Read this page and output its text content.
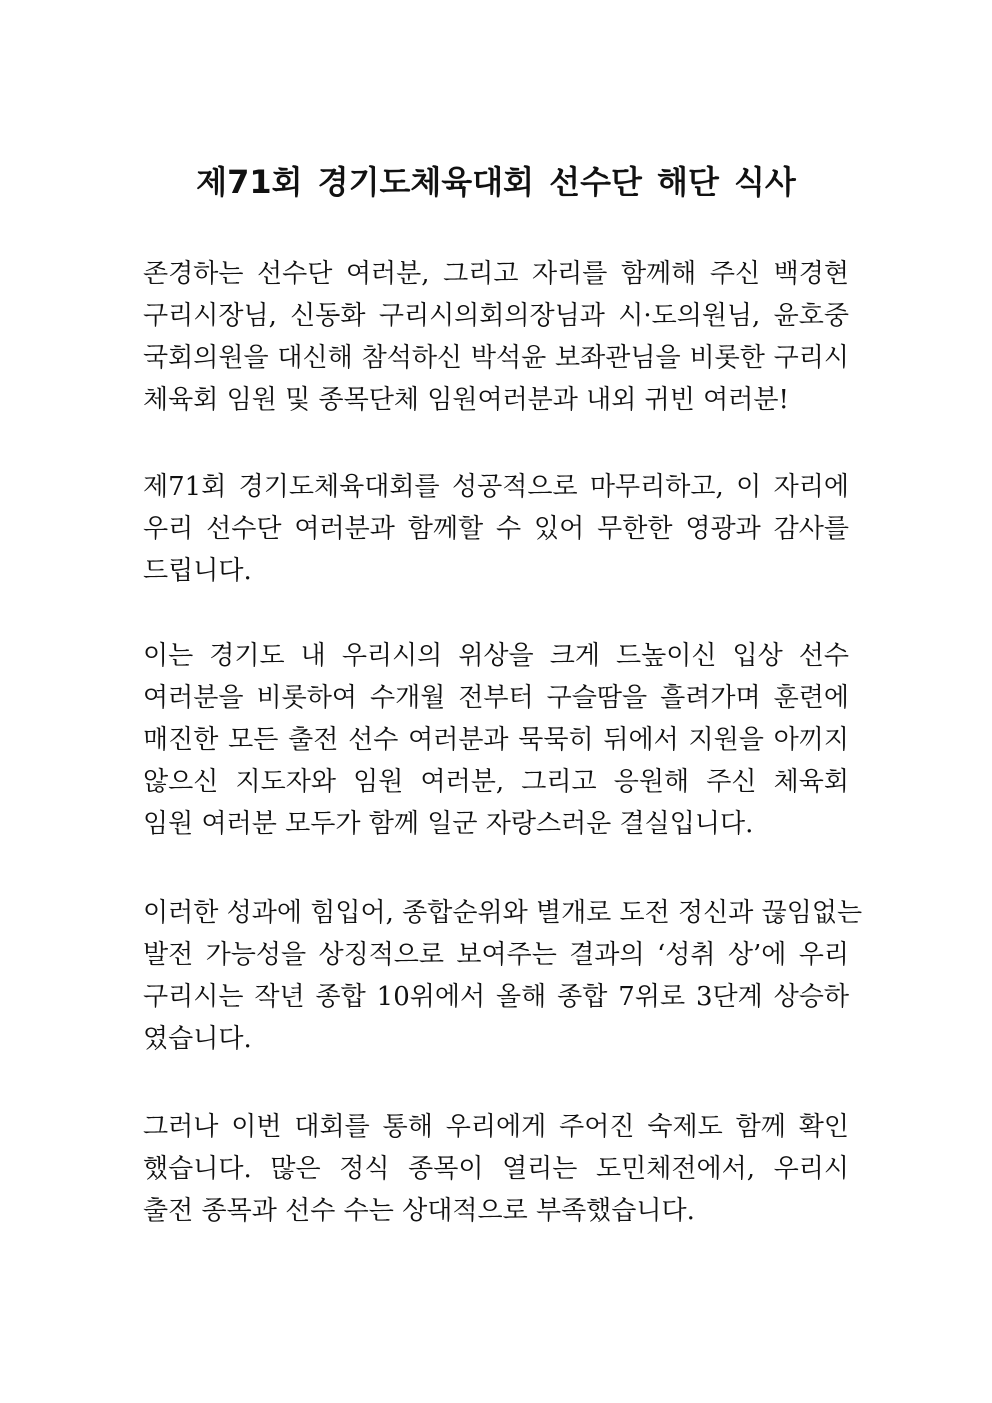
제71회 경기도체육대회 선수단 해단 식사
존경하는 선수단 여러분, 그리고 자리를 함께해 주신 백경현
구리시장님, 신동화 구리시의회의장님과 시·도의원님, 윤호중
국회의원을 대신해 참석하신 박석윤 보좌관님을 비롯한 구리시
체육회 임원 및 종목단체 임원여러분과 내외 귀빈 여러분!
제71회 경기도체육대회를 성공적으로 마무리하고, 이 자리에
우리 선수단 여러분과 함께할 수 있어 무한한 영광과 감사를
드립니다.
이는 경기도 내 우리시의 위상을 크게 드높이신 입상 선수
여러분을 비롯하여 수개월 전부터 구슬땀을 흘려가며 훈련에
매진한 모든 출전 선수 여러분과 묵묵히 뒤에서 지원을 아끼지
않으신 지도자와 임원 여러분, 그리고 응원해 주신 체육회
임원 여러분 모두가 함께 일군 자랑스러운 결실입니다.
이러한 성과에 힘입어, 종합순위와 별개로 도전 정신과 끊임없는
발전 가능성을 상징적으로 보여주는 결과의 ‘성취 상’에 우리
구리시는 작년 종합 10위에서 올해 종합 7위로 3단계 상승하
였습니다.
그러나 이번 대회를 통해 우리에게 주어진 숙제도 함께 확인
했습니다. 많은 정식 종목이 열리는 도민체전에서, 우리시
출전 종목과 선수 수는 상대적으로 부족했습니다.
